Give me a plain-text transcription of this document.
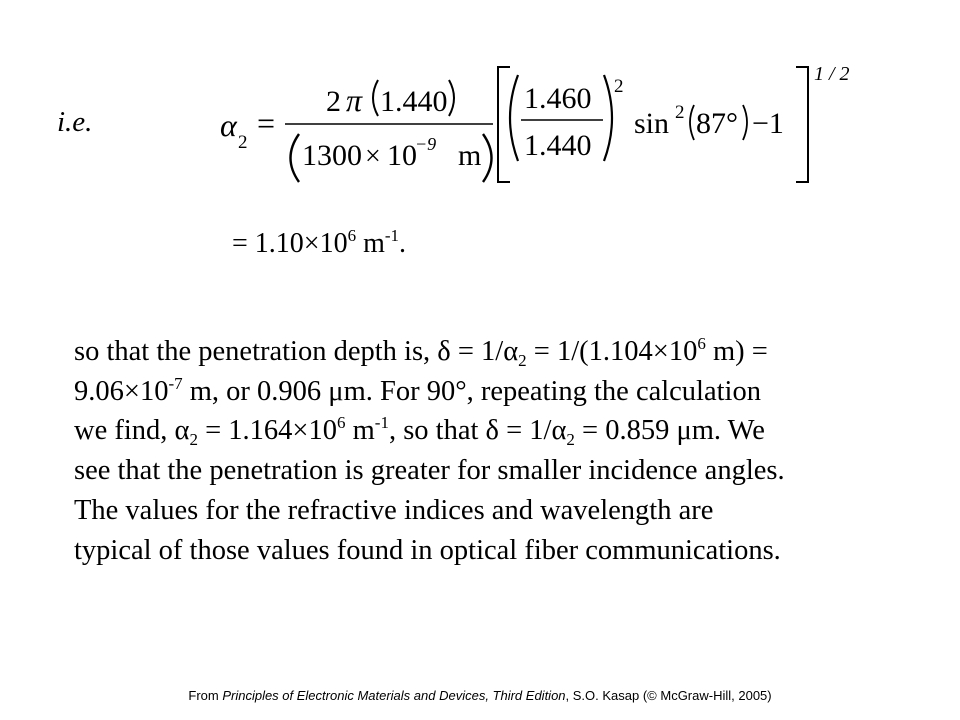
i.e.	α 2
=
2 π 1.440
1300 × 10
−9 m
1.460
1.440
2
sin 2 87° −1
1 / 2
= $1.10\times 10^6$ $m^{-1}$.
so that the penetration depth is, $\delta = 1/\alpha_2 = 1/(1.104\times 10^6$ m) =
$9.06\times 10^{-7}$ m, or 0.906 μm. For 90°, repeating the calculation
we find, $\alpha_2 = 1.164\times 10^6$ $m^{-1}$, so that $\delta = 1/\alpha_2 = 0.859$ μm. We
see that the penetration is greater for smaller incidence angles.
The values for the refractive indices and wavelength are
typical of those values found in optical fiber communications.
From Principles of Electronic Materials and Devices, Third Edition, S.O. Kasap (© McGraw-Hill, 2005)
